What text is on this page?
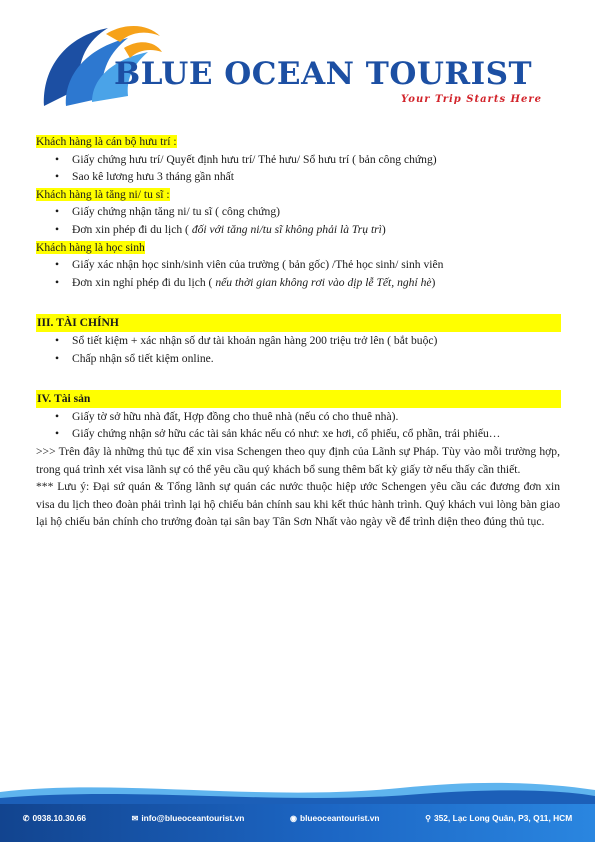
BLUE OCEAN TOURIST
Your Trip Starts Here
Khách hàng là cán bộ hưu trí :
• Giấy chứng hưu trí/ Quyết định hưu trí/ Thẻ hưu/ Sổ hưu trí ( bản công chứng)
• Sao kê lương hưu 3 tháng gần nhất
Khách hàng là tăng ni/ tu sĩ :
• Giấy chứng nhận tăng ni/ tu sĩ ( công chứng)
• Đơn xin phép đi du lịch ( đối với tăng ni/tu sĩ không phải là Trụ trì)
Khách hàng là học sinh
• Giấy xác nhận học sinh/sinh viên của trường ( bản gốc) /Thẻ học sinh/ sinh viên
• Đơn xin nghỉ phép đi du lịch ( nếu thời gian không rơi vào dịp lễ Tết, nghỉ hè)
III. TÀI CHÍNH
• Sổ tiết kiệm + xác nhận số dư tài khoản ngân hàng 200 triệu trở lên ( bắt buộc)
• Chấp nhận sổ tiết kiệm online.
IV. Tài sản
• Giấy tờ sở hữu nhà đất, Hợp đồng cho thuê nhà (nếu có cho thuê nhà).
• Giấy chứng nhận sở hữu các tài sản khác nếu có như: xe hơi, cổ phiếu, cổ phần, trái phiếu…

>>> Trên đây là những thủ tục để xin visa Schengen theo quy định của Lãnh sự Pháp. Tùy vào mỗi trường hợp, trong quá trình xét visa lãnh sự có thể yêu cầu quý khách bổ sung thêm bất kỳ giấy tờ nếu thấy cần thiết.

*** Lưu ý: Đại sứ quán & Tổng lãnh sự quán các nước thuộc hiệp ước Schengen yêu cầu các đương đơn xin visa du lịch theo đoàn phải trình lại hộ chiếu bản chính sau khi kết thúc hành trình. Quý khách vui lòng bàn giao lại hộ chiếu bản chính cho trưởng đoàn tại sân bay Tân Sơn Nhất vào ngày về để trình diện theo đúng thủ tục.

✆ 0938.10.30.66	✉ info@blueoceantourist.vn	◉ blueoceantourist.vn	⚲ 352, Lạc Long Quân, P3, Q11, HCM
